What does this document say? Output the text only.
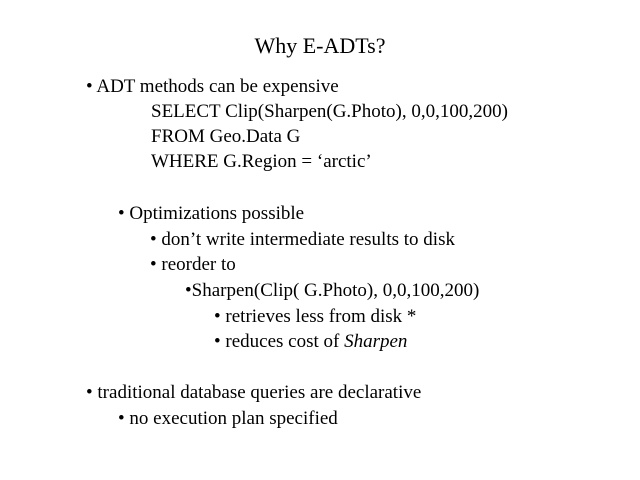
Why E-ADTs?
• ADT methods can be expensive
SELECT Clip(Sharpen(G.Photo), 0,0,100,200)
FROM Geo.Data G
WHERE G.Region = ‘arctic’
• Optimizations possible
• don’t write intermediate results to disk
• reorder to
•Sharpen(Clip( G.Photo), 0,0,100,200)
• retrieves less from disk *
• reduces cost of Sharpen
• traditional database queries are declarative
• no execution plan specified
